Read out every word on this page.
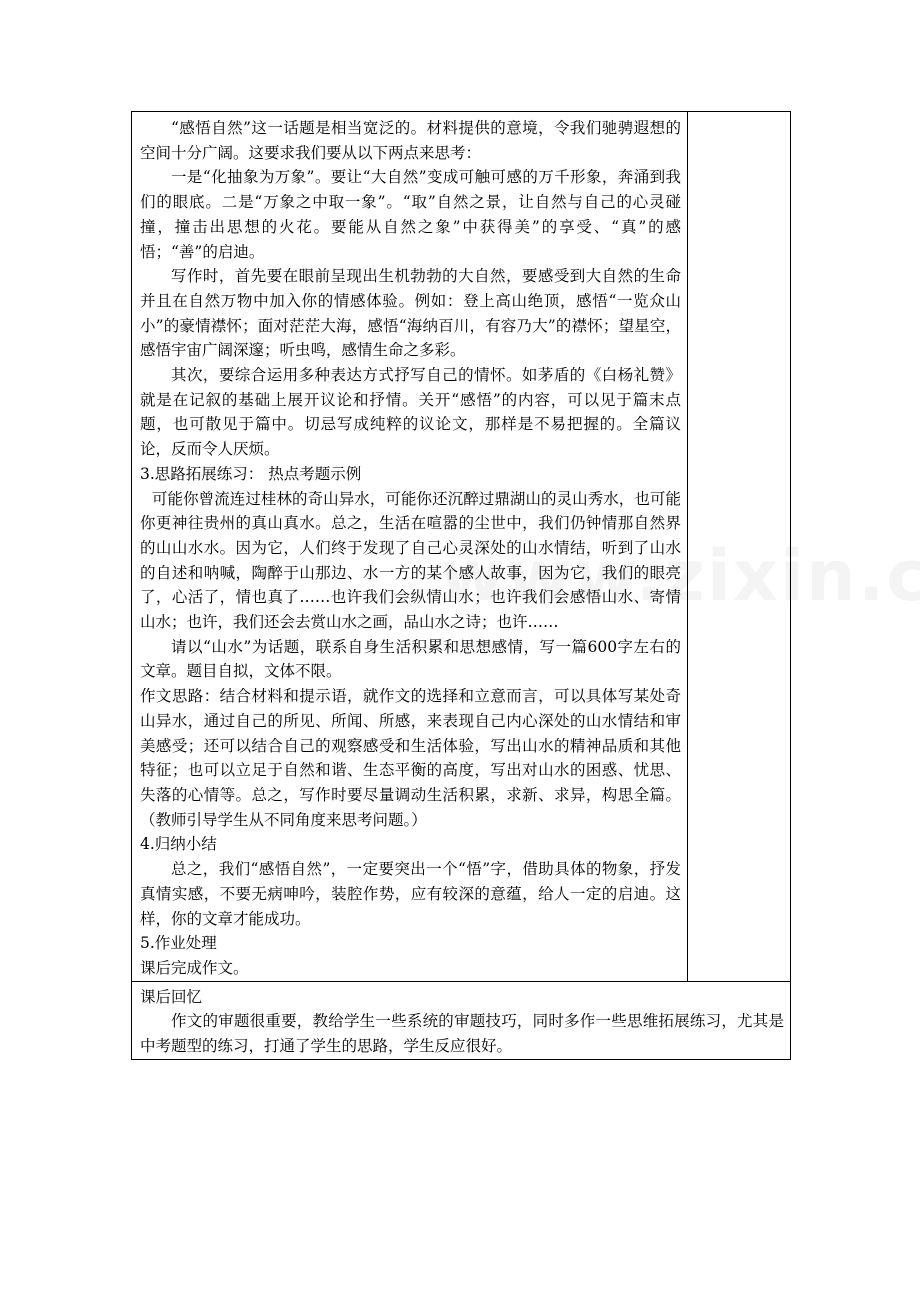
“感悟自然”这一话题是相当宽泛的。材料提供的意境，令我们驰骋遐想的空间十分广阔。这要求我们要从以下两点来思考：

一是“化抽象为万象”。要让“大自然”变成可触可感的万千形象，奔涌到我们的眼底。二是“万象之中取一象”。“取”自然之景，让自然与自己的心灵碰撞，撞击出思想的火花。要能从自然之象”中获得美”的享受、“真”的感悟；“善”的启迪。

写作时，首先要在眼前呈现出生机勃勃的大自然，要感受到大自然的生命并且在自然万物中加入你的情感体验。例如：登上高山绝顶，感悟“一览众山小”的豪情襟怀；面对茫茫大海，感悟“海纳百川，有容乃大”的襟怀；望星空，感悟宇宙广阔深邃；听虫鸣，感情生命之多彩。

其次，要综合运用多种表达方式抒写自己的情怀。如茅盾的《白杨礼赞》就是在记叙的基础上展开议论和抒情。关开“感悟”的内容，可以见于篇末点题，也可散见于篇中。切忌写成纯粹的议论文，那样是不易把握的。全篇议论，反而令人厌烦。

3.思路拓展练习： 热点考题示例

可能你曾流连过桂林的奇山异水，可能你还沉醉过鼎湖山的灵山秀水，也可能你更神往贵州的真山真水。总之，生活在喧嚣的尘世中，我们仍钟情那自然界的山山水水。因为它，人们终于发现了自己心灵深处的山水情结，听到了山水的自述和呐喊，陶醉于山那边、水一方的某个感人故事，因为它，我们的眼亮了，心活了，情也真了……也许我们会纵情山水；也许我们会感悟山水、寄情山水；也许，我们还会去赏山水之画，品山水之诗；也许……

请以“山水”为话题，联系自身生活积累和思想感情，写一篇600字左右的文章。题目自拟，文体不限。

作文思路：结合材料和提示语，就作文的选择和立意而言，可以具体写某处奇山异水，通过自己的所见、所闻、所感，来表现自己内心深处的山水情结和审美感受；还可以结合自己的观察感受和生活体验，写出山水的精神品质和其他特征；也可以立足于自然和谐、生态平衡的高度，写出对山水的困惑、忧思、失落的心情等。总之，写作时要尽量调动生活积累，求新、求异，构思全篇。（教师引导学生从不同角度来思考问题。）

4.归纳小结

总之，我们“感悟自然”，一定要突出一个“悟”字，借助具体的物象，抒发真情实感，不要无病呻吟，装腔作势，应有较深的意蕴，给人一定的启迪。这样，你的文章才能成功。

5.作业处理

课后完成作文。

课后回忆

作文的审题很重要，教给学生一些系统的审题技巧，同时多作一些思维拓展练习，尤其是中考题型的练习，打通了学生的思路，学生反应很好。
